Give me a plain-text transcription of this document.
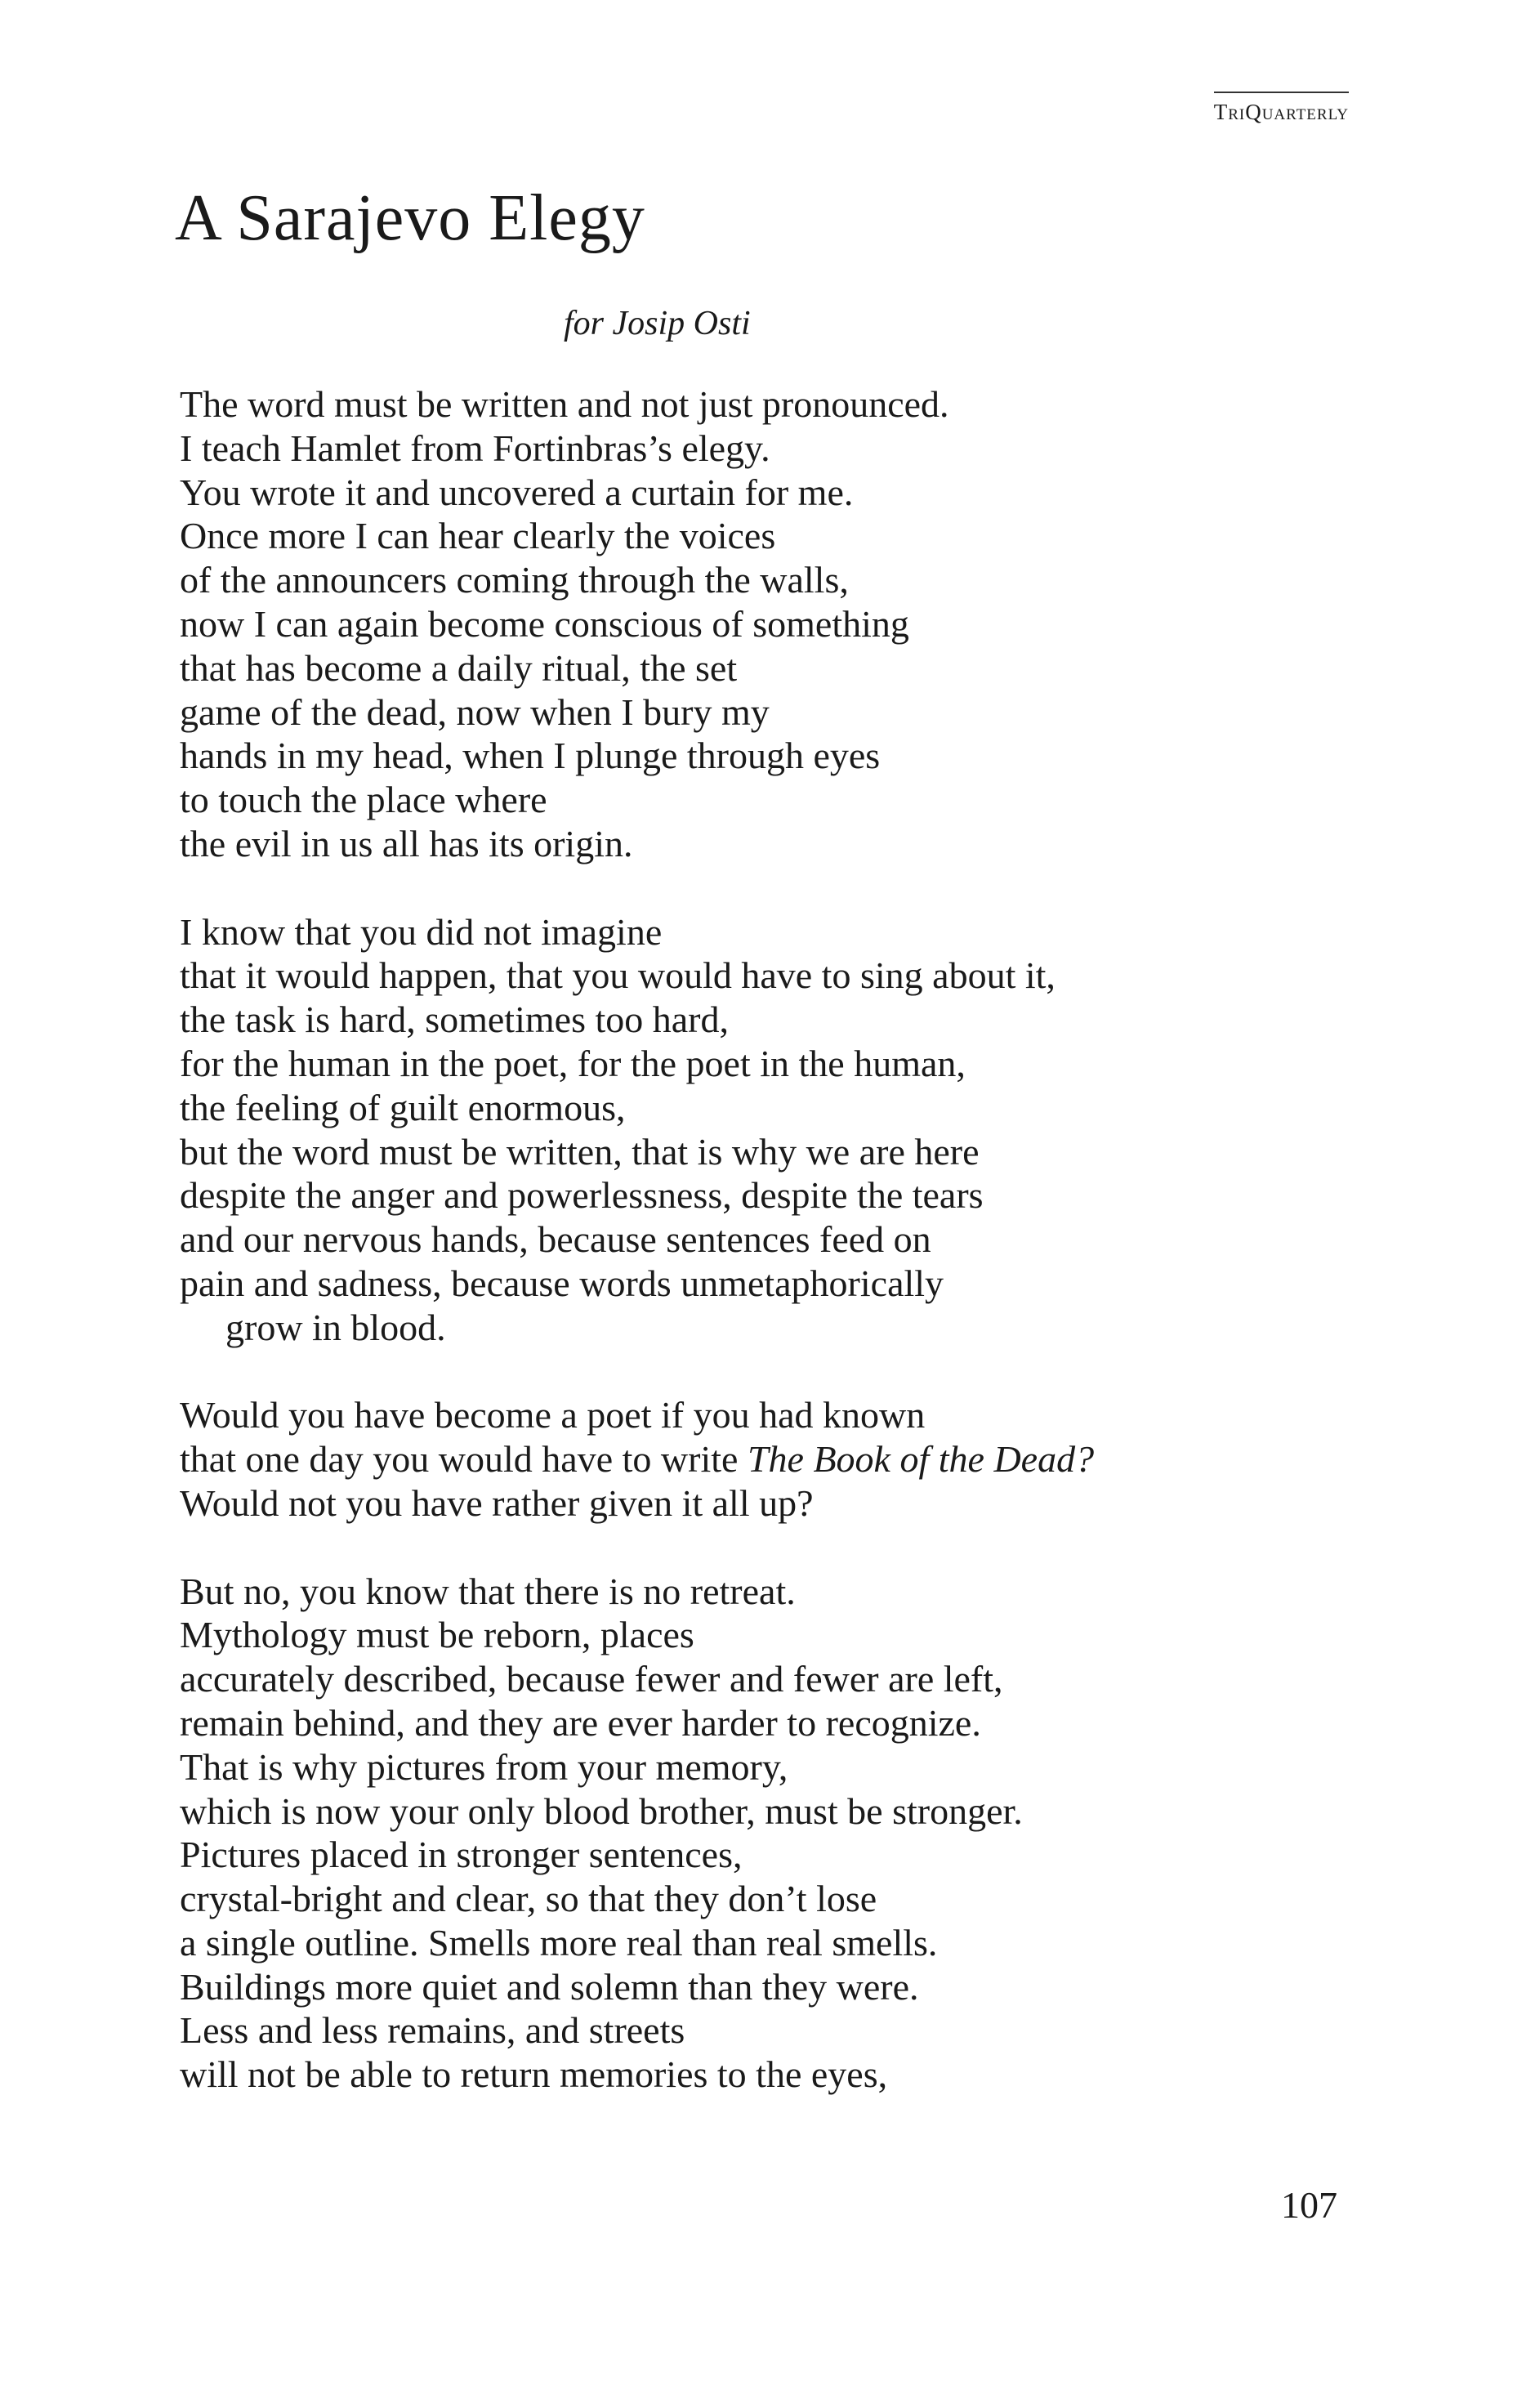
TriQuarterly
A Sarajevo Elegy
for Josip Osti

The word must be written and not just pronounced.
I teach Hamlet from Fortinbras’s elegy.
You wrote it and uncovered a curtain for me.
Once more I can hear clearly the voices
of the announcers coming through the walls,
now I can again become conscious of something
that has become a daily ritual, the set
game of the dead, now when I bury my
hands in my head, when I plunge through eyes
to touch the place where
the evil in us all has its origin.

I know that you did not imagine
that it would happen, that you would have to sing about it,
the task is hard, sometimes too hard,
for the human in the poet, for the poet in the human,
the feeling of guilt enormous,
but the word must be written, that is why we are here
despite the anger and powerlessness, despite the tears
and our nervous hands, because sentences feed on
pain and sadness, because words unmetaphorically
grow in blood.

Would you have become a poet if you had known
that one day you would have to write The Book of the Dead?
Would not you have rather given it all up?

But no, you know that there is no retreat.
Mythology must be reborn, places
accurately described, because fewer and fewer are left,
remain behind, and they are ever harder to recognize.
That is why pictures from your memory,
which is now your only blood brother, must be stronger.
Pictures placed in stronger sentences,
crystal-bright and clear, so that they don’t lose
a single outline. Smells more real than real smells.
Buildings more quiet and solemn than they were.
Less and less remains, and streets
will not be able to return memories to the eyes,

107
